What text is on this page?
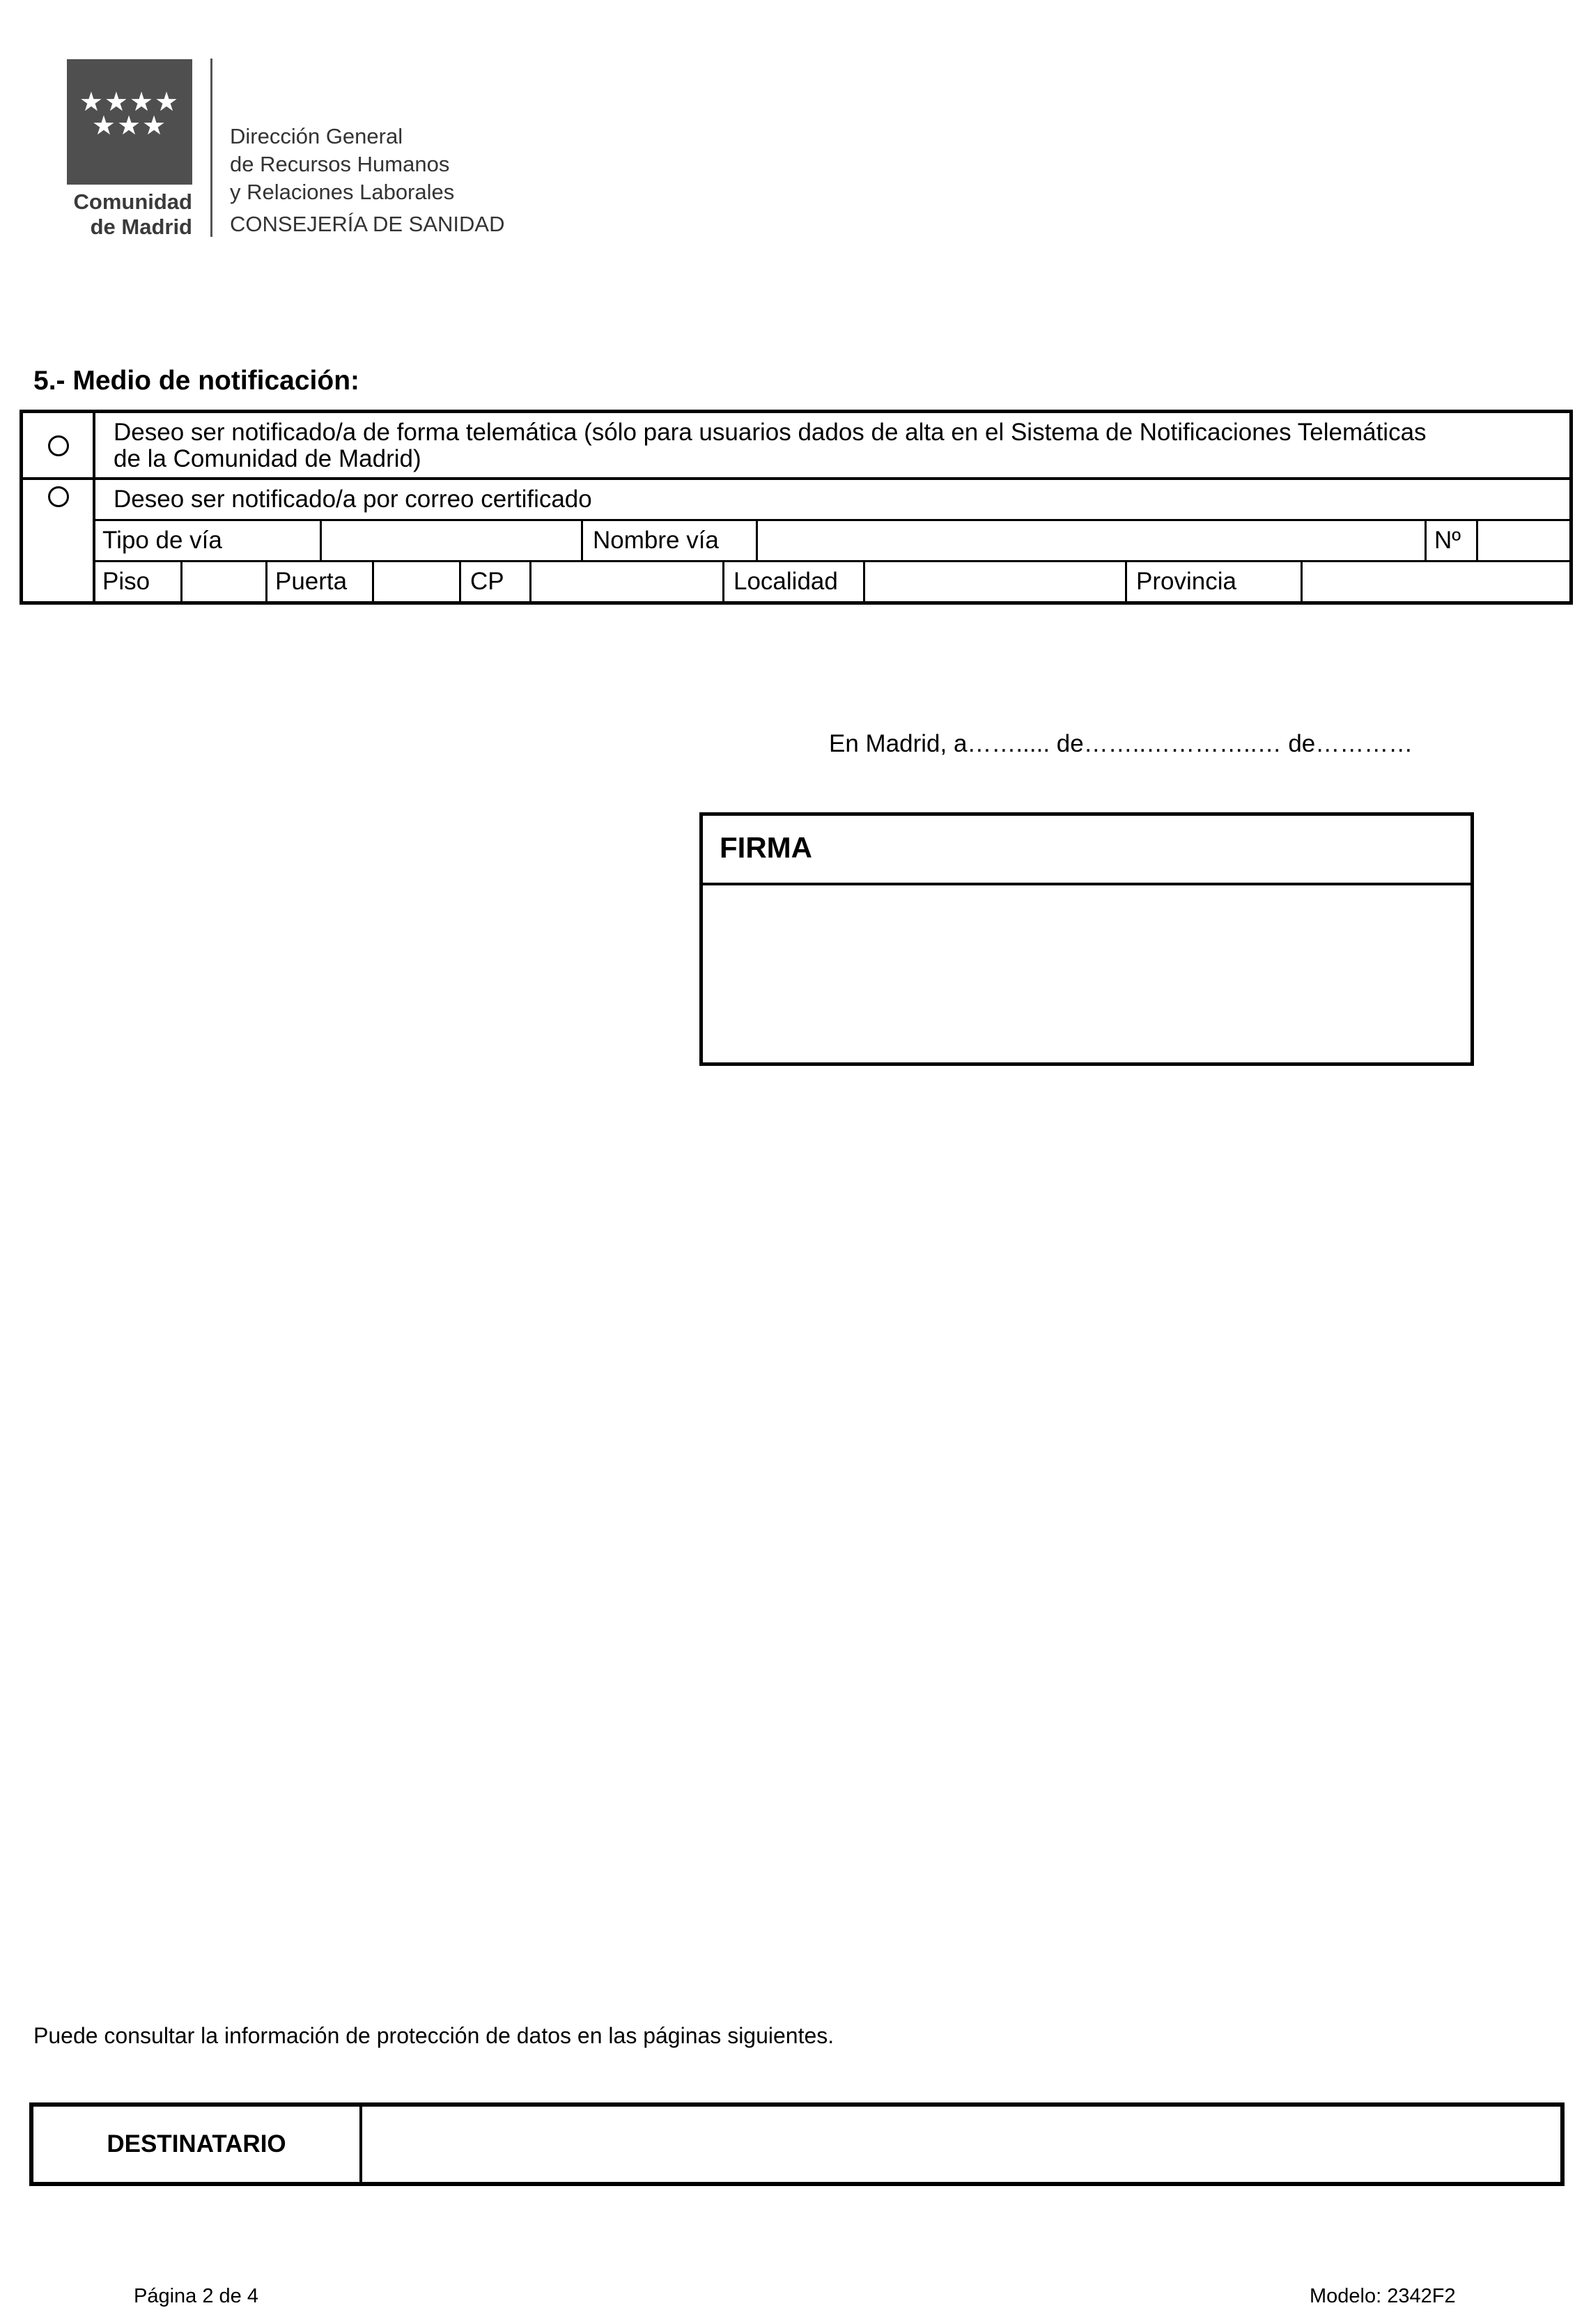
★★★★
★★★
Comunidad
de Madrid
Dirección General
de Recursos Humanos
y Relaciones Laborales
CONSEJERÍA DE SANIDAD
5.- Medio de notificación:
Deseo ser notificado/a de forma telemática (sólo para usuarios dados de alta en el Sistema de Notificaciones Telemáticas
de la Comunidad de Madrid)
Deseo ser notificado/a por correo certificado
Tipo de vía	Nombre vía	Nº
Piso	Puerta	CP	Localidad	Provincia
En Madrid, a……..... de……..…………..… de…………
FIRMA
Puede consultar la información de protección de datos en las páginas siguientes.
DESTINATARIO
Página 2 de 4	Modelo: 2342F2
